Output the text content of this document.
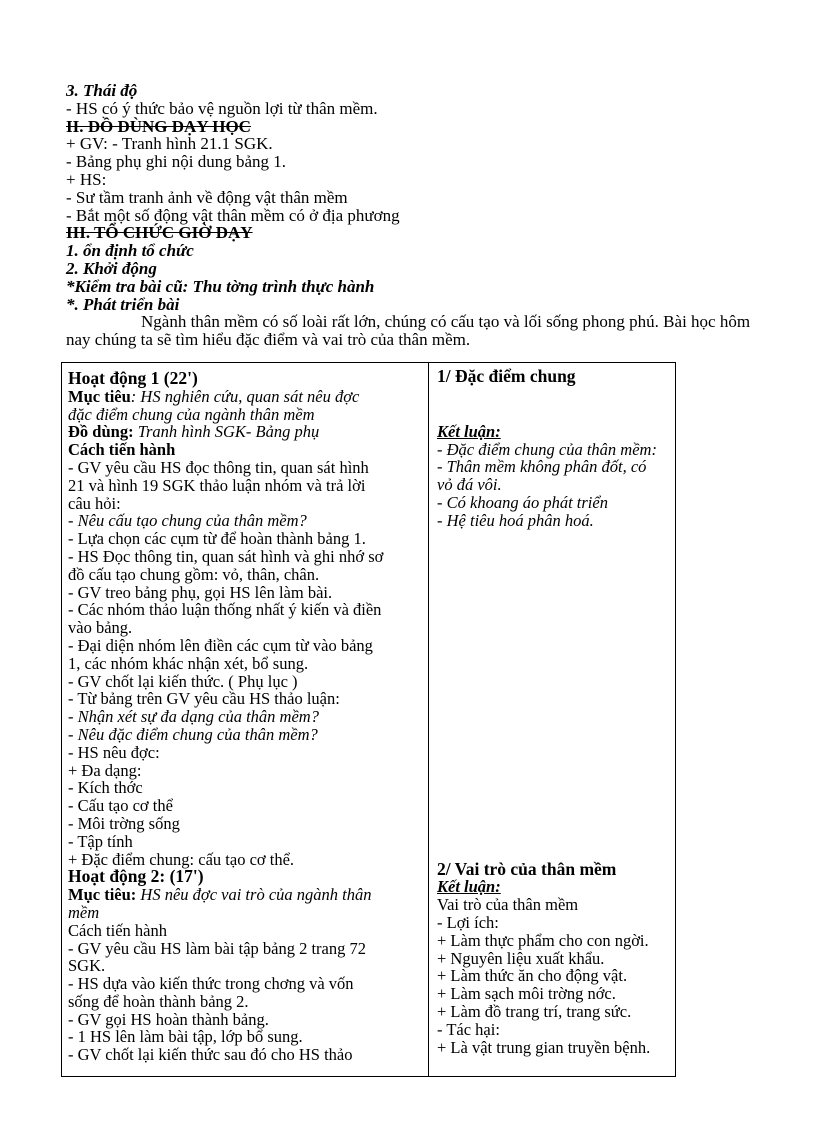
3. Thái độ
- HS có ý thức bảo vệ nguồn lợi từ thân mềm.
II. ĐỒ DÙNG DẠY HỌC
+ GV: - Tranh hình 21.1 SGK.
- Bảng phụ ghi nội dung bảng 1.
+ HS:
- Sư tầm tranh ảnh về động vật thân mềm
- Bắt một số động vật thân mềm có ở địa phương
III. TỔ CHỨC GIỜ DẠY
1. ổn định tổ chức
2. Khởi động
*Kiểm tra bài cũ: Thu tờng trình thực hành
*. Phát triển bài
Ngành thân mềm có số loài rất lớn, chúng có cấu tạo và lối sống phong phú. Bài học hôm nay chúng ta sẽ tìm hiểu đặc điểm và vai trò của thân mềm.
Hoạt động 1 (22')
Mục tiêu: HS nghiên cứu, quan sát nêu đợc
đặc điểm chung của ngành thân mềm
Đồ dùng: Tranh hình SGK- Bảng phụ
Cách tiến hành
- GV yêu cầu HS đọc thông tin, quan sát hình
21 và hình 19 SGK thảo luận nhóm và trả lời
câu hỏi:
- Nêu cấu tạo chung của thân mềm?
- Lựa chọn các cụm từ để hoàn thành bảng 1.
- HS Đọc thông tin, quan sát hình và ghi nhớ sơ
đồ cấu tạo chung gồm: vỏ, thân, chân.
- GV treo bảng phụ, gọi HS lên làm bài.
- Các nhóm thảo luận thống nhất ý kiến và điền
vào bảng.
- Đại diện nhóm lên điền các cụm từ vào bảng
1, các nhóm khác nhận xét, bổ sung.
- GV chốt lại kiến thức. ( Phụ lục )
- Từ bảng trên GV yêu cầu HS thảo luận:
- Nhận xét sự đa dạng của thân mềm?
- Nêu đặc điểm chung của thân mềm?
- HS nêu đợc:
+ Đa dạng:
- Kích thớc
- Cấu tạo cơ thể
- Môi trờng sống
- Tập tính
+ Đặc điểm chung: cấu tạo cơ thể.
Hoạt động 2: (17')
Mục tiêu: HS nêu đợc vai trò của ngành thân
mềm
Cách tiến hành
- GV yêu cầu HS làm bài tập bảng 2 trang 72
SGK.
- HS dựa vào kiến thức trong chơng và vốn
sống để hoàn thành bảng 2.
- GV gọi HS hoàn thành bảng.
- 1 HS lên làm bài tập, lớp bổ sung.
- GV chốt lại kiến thức sau đó cho HS thảo
1/ Đặc điểm chung
Kết luận:
- Đặc điểm chung của thân mềm:
- Thân mềm không phân đốt, có
vỏ đá vôi.
- Có khoang áo phát triển
- Hệ tiêu hoá phân hoá.
2/ Vai trò của thân mềm
Kết luận:
Vai trò của thân mềm
- Lợi ích:
+ Làm thực phẩm cho con ngời.
+ Nguyên liệu xuất khẩu.
+ Làm thức ăn cho động vật.
+ Làm sạch môi trờng nớc.
+ Làm đồ trang trí, trang sức.
- Tác hại:
+ Là vật trung gian truyền bệnh.
